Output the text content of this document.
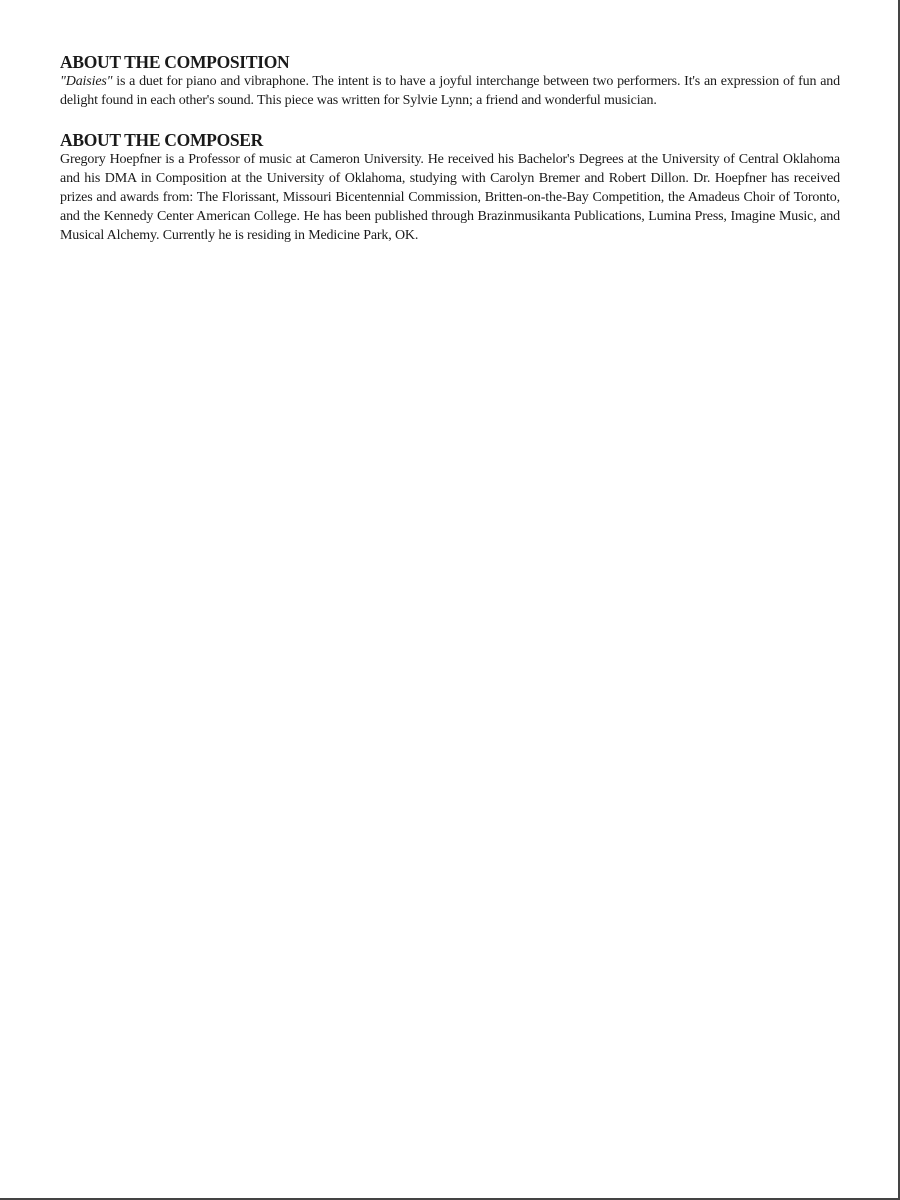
ABOUT THE COMPOSITION

"Daisies" is a duet for piano and vibraphone. The intent is to have a joyful interchange between two performers. It's an expression of fun and delight found in each other's sound. This piece was written for Sylvie Lynn; a friend and wonderful musician.

ABOUT THE COMPOSER

Gregory Hoepfner is a Professor of music at Cameron University. He received his Bachelor's Degrees at the University of Central Oklahoma and his DMA in Composition at the University of Oklahoma, studying with Carolyn Bremer and Robert Dillon. Dr. Hoepfner has received prizes and awards from: The Florissant, Missouri Bicentennial Commission, Britten-on-the-Bay Competition, the Amadeus Choir of Toronto, and the Kennedy Center American College. He has been published through Brazinmusikanta Publications, Lumina Press, Imagine Music, and Musical Alchemy. Currently he is residing in Medicine Park, OK.
